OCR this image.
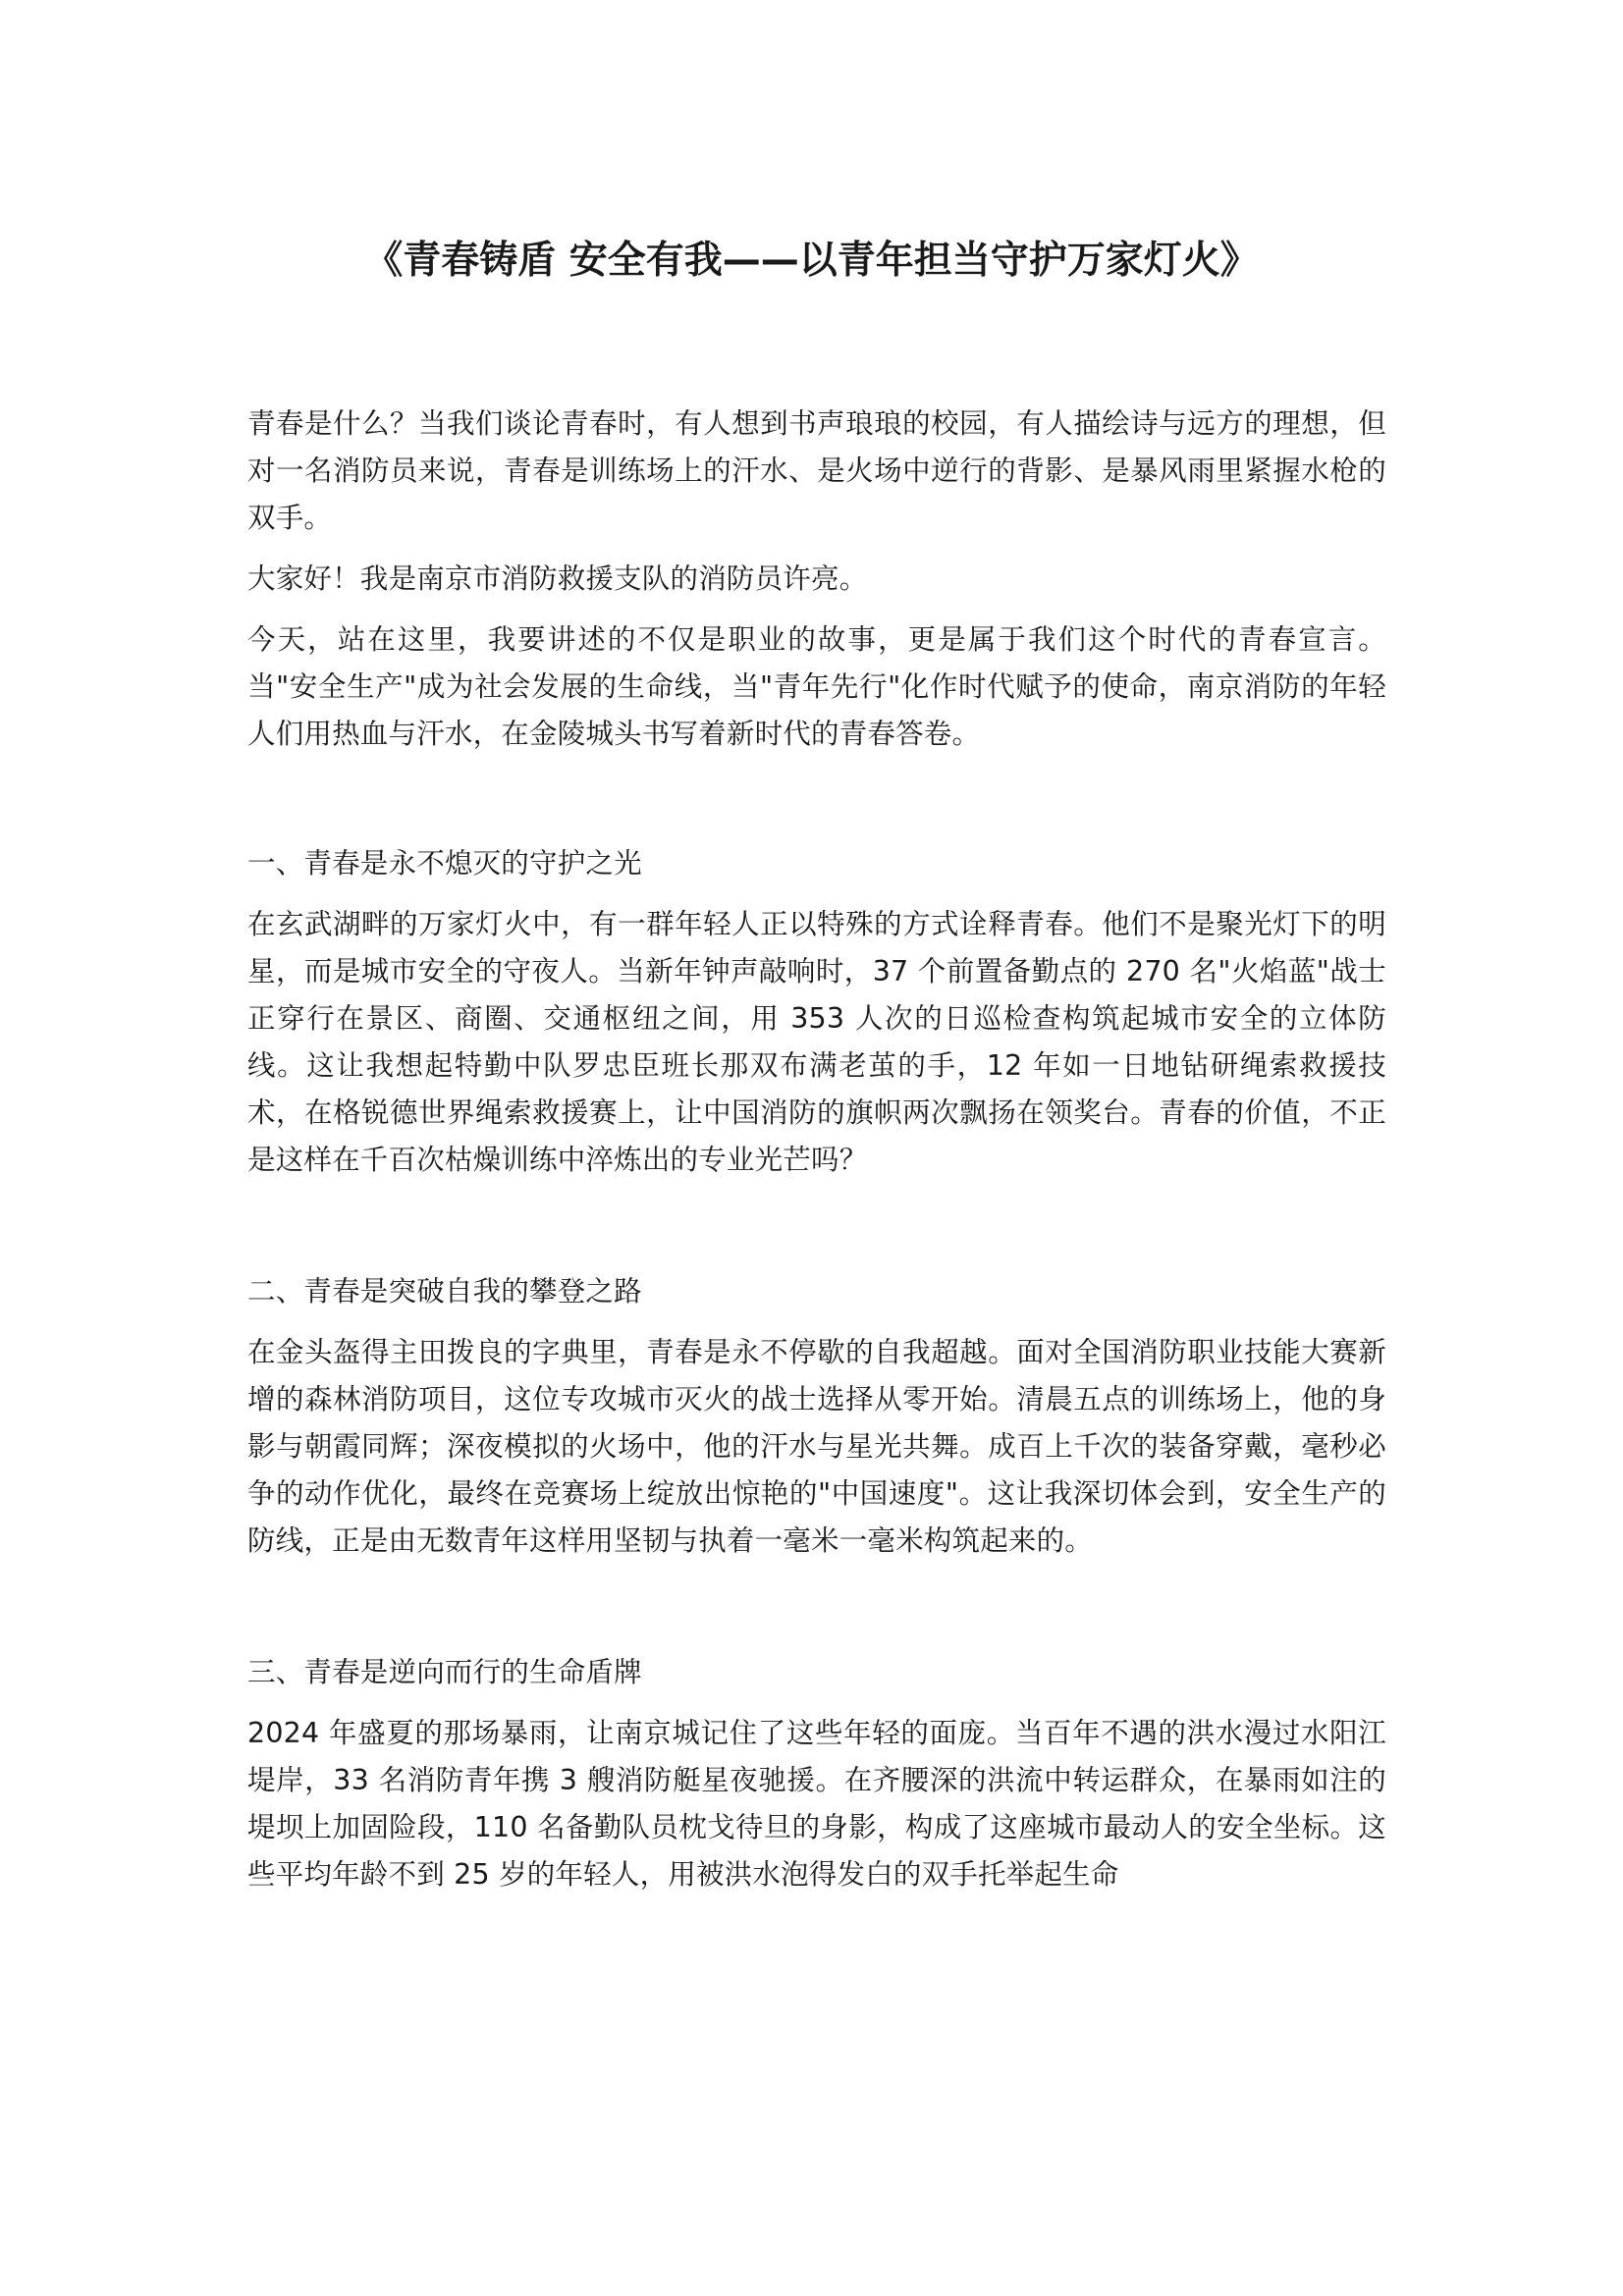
《青春铸盾 安全有我——以青年担当守护万家灯火》

青春是什么？当我们谈论青春时，有人想到书声琅琅的校园，有人描绘诗与远方的理想，但对一名消防员来说，青春是训练场上的汗水、是火场中逆行的背影、是暴风雨里紧握水枪的双手。

大家好！我是南京市消防救援支队的消防员许亮。

今天，站在这里，我要讲述的不仅是职业的故事，更是属于我们这个时代的青春宣言。当"安全生产"成为社会发展的生命线，当"青年先行"化作时代赋予的使命，南京消防的年轻人们用热血与汗水，在金陵城头书写着新时代的青春答卷。

一、青春是永不熄灭的守护之光

在玄武湖畔的万家灯火中，有一群年轻人正以特殊的方式诠释青春。他们不是聚光灯下的明星，而是城市安全的守夜人。当新年钟声敲响时，37 个前置备勤点的 270 名"火焰蓝"战士正穿行在景区、商圈、交通枢纽之间，用 353 人次的日巡检查构筑起城市安全的立体防线。这让我想起特勤中队罗忠臣班长那双布满老茧的手，12 年如一日地钻研绳索救援技术，在格锐德世界绳索救援赛上，让中国消防的旗帜两次飘扬在领奖台。青春的价值，不正是这样在千百次枯燥训练中淬炼出的专业光芒吗？

二、青春是突破自我的攀登之路

在金头盔得主田拨良的字典里，青春是永不停歇的自我超越。面对全国消防职业技能大赛新增的森林消防项目，这位专攻城市灭火的战士选择从零开始。清晨五点的训练场上，他的身影与朝霞同辉；深夜模拟的火场中，他的汗水与星光共舞。成百上千次的装备穿戴，毫秒必争的动作优化，最终在竞赛场上绽放出惊艳的"中国速度"。这让我深切体会到，安全生产的防线，正是由无数青年这样用坚韧与执着一毫米一毫米构筑起来的。

三、青春是逆向而行的生命盾牌

2024 年盛夏的那场暴雨，让南京城记住了这些年轻的面庞。当百年不遇的洪水漫过水阳江堤岸，33 名消防青年携 3 艘消防艇星夜驰援。在齐腰深的洪流中转运群众，在暴雨如注的堤坝上加固险段，110 名备勤队员枕戈待旦的身影，构成了这座城市最动人的安全坐标。这些平均年龄不到 25 岁的年轻人，用被洪水泡得发白的双手托举起生命
